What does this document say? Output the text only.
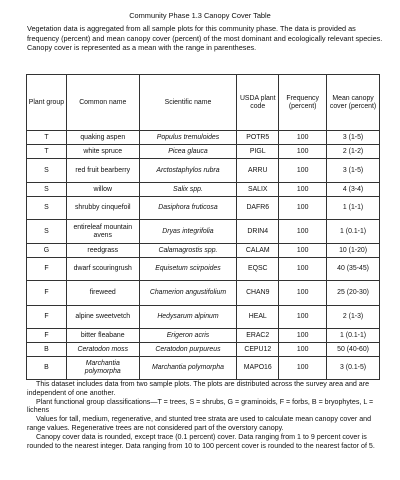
Community Phase 1.3 Canopy Cover Table
Vegetation data is aggregated from all sample plots for this community phase. The data is provided as frequency (percent) and mean canopy cover (percent) of the most dominant and ecologically relevant species. Canopy cover is represented as a mean with the range in parentheses.
Plant group	Common name	Scientific name	USDA plant code	Frequency (percent)	Mean canopy cover (percent)
T	quaking aspen	Populus tremuloides	POTR5	100	3 (1-5)
T	white spruce	Picea glauca	PIGL	100	2 (1-2)
S	red fruit bearberry	Arctostaphylos rubra	ARRU	100	3 (1-5)
S	willow	Salix spp.	SALIX	100	4 (3-4)
S	shrubby cinquefoil	Dasiphora fruticosa	DAFR6	100	1 (1-1)
S	entireleaf mountain avens	Dryas integrifolia	DRIN4	100	1 (0.1-1)
G	reedgrass	Calamagrostis spp.	CALAM	100	10 (1-20)
F	dwarf scouringrush	Equisetum scirpoides	EQSC	100	40 (35-45)
F	fireweed	Chamerion angustifolium	CHAN9	100	25 (20-30)
F	alpine sweetvetch	Hedysarum alpinum	HEAL	100	2 (1-3)
F	bitter fleabane	Erigeron acris	ERAC2	100	1 (0.1-1)
B	Ceratodon moss	Ceratodon purpureus	CEPU12	100	50 (40-60)
B	Marchantia polymorpha	Marchantia polymorpha	MAPO16	100	3 (0.1-5)

This dataset includes data from two sample plots. The plots are distributed across the survey area and are independent of one another.

Plant functional group classifications—T = trees, S = shrubs, G = graminoids, F = forbs, B = bryophytes, L = lichens

Values for tall, medium, regenerative, and stunted tree strata are used to calculate mean canopy cover and range values. Regenerative trees are not considered part of the overstory canopy.

Canopy cover data is rounded, except trace (0.1 percent) cover. Data ranging from 1 to 9 percent cover is rounded to the nearest integer. Data ranging from 10 to 100 percent cover is rounded to the nearest factor of 5.
